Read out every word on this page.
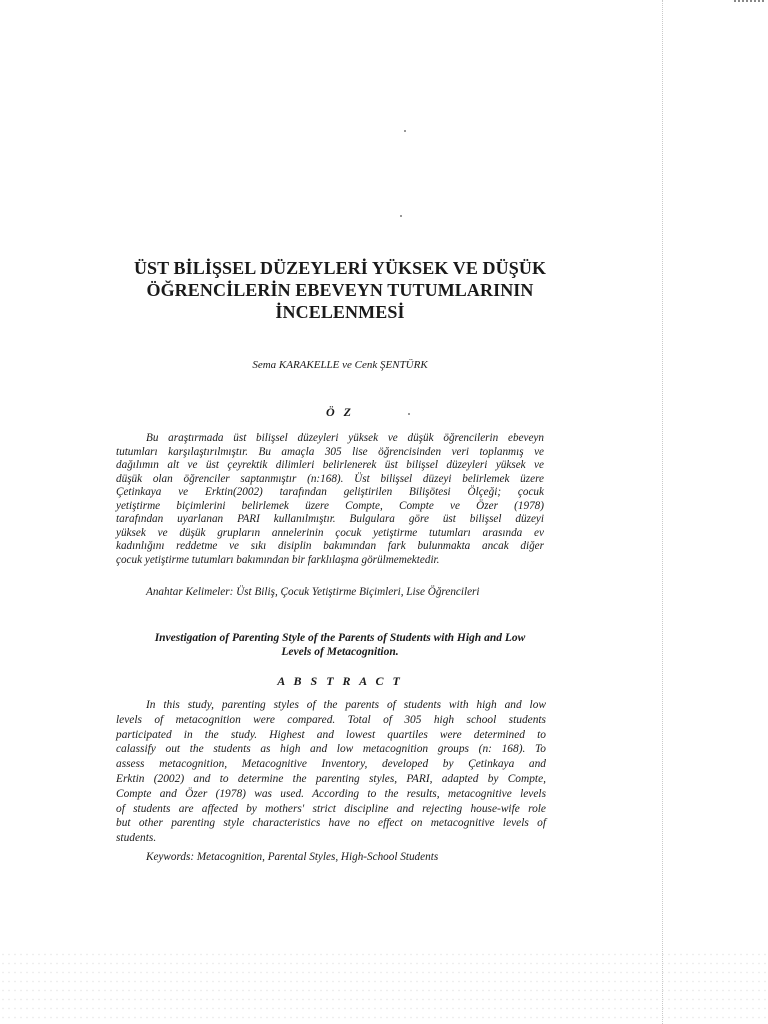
ÜST BİLİŞSEL DÜZEYLERİ YÜKSEK VE DÜŞÜK
ÖĞRENCİLERİN EBEVEYN TUTUMLARININ
İNCELENMESİ
Sema KARAKELLE ve Cenk ŞENTÜRK
Ö Z
Bu araştırmada üst bilişsel düzeyleri yüksek ve düşük öğrencilerin ebeveyn
tutumları karşılaştırılmıştır. Bu amaçla 305 lise öğrencisinden veri toplanmış ve
dağılımın alt ve üst çeyrektik dilimleri belirlenerek üst bilişsel düzeyleri yüksek ve
düşük olan öğrenciler saptanmıştır (n:168). Üst bilişsel düzeyi belirlemek üzere
Çetinkaya ve Erktin(2002) tarafından geliştirilen Bilişötesi Ölçeği; çocuk
yetiştirme biçimlerini belirlemek üzere Compte, Compte ve Özer (1978)
tarafından uyarlanan PARI kullanılmıştır. Bulgulara göre üst bilişsel düzeyi
yüksek ve düşük grupların annelerinin çocuk yetiştirme tutumları arasında ev
kadınlığını reddetme ve sıkı disiplin bakımından fark bulunmakta ancak diğer
çocuk yetiştirme tutumları bakımından bir farklılaşma görülmemektedir.
Anahtar Kelimeler: Üst Biliş, Çocuk Yetiştirme Biçimleri, Lise Öğrencileri
Investigation of Parenting Style of the Parents of Students with High and Low
Levels of Metacognition.
A B S T R A C T
In this study, parenting styles of the parents of students with high and low
levels of metacognition were compared. Total of 305 high school students
participated in the study. Highest and lowest quartiles were determined to
calassify out the students as high and low metacognition groups (n: 168). To
assess metacognition, Metacognitive Inventory, developed by Çetinkaya and
Erktin (2002) and to determine the parenting styles, PARI, adapted by Compte,
Compte and Özer (1978) was used. According to the results, metacognitive levels
of students are affected by mothers' strict discipline and rejecting house-wife role
but other parenting style characteristics have no effect on metacognitive levels of
students.
Keywords: Metacognition, Parental Styles, High-School Students
